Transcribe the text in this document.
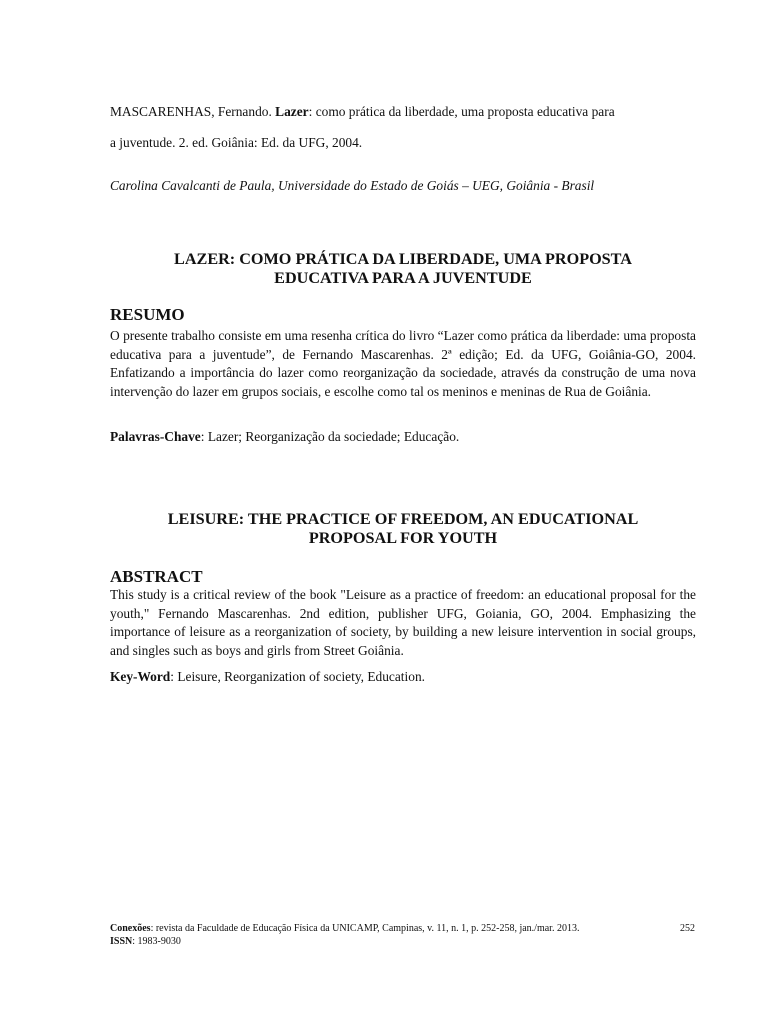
MASCARENHAS, Fernando. Lazer: como prática da liberdade, uma proposta educativa para
a juventude. 2. ed. Goiânia: Ed. da UFG, 2004.
Carolina Cavalcanti de Paula, Universidade do Estado de Goiás – UEG, Goiânia - Brasil
LAZER: COMO PRÁTICA DA LIBERDADE, UMA PROPOSTA
EDUCATIVA PARA A JUVENTUDE
RESUMO

O presente trabalho consiste em uma resenha crítica do livro “Lazer como prática da liberdade: uma proposta educativa para a juventude”, de Fernando Mascarenhas. 2ª edição; Ed. da UFG, Goiânia-GO, 2004. Enfatizando a importância do lazer como reorganização da sociedade, através da construção de uma nova intervenção do lazer em grupos sociais, e escolhe como tal os meninos e meninas de Rua de Goiânia.

Palavras-Chave: Lazer; Reorganização da sociedade; Educação.

LEISURE: THE PRACTICE OF FREEDOM, AN EDUCATIONAL
PROPOSAL FOR YOUTH
ABSTRACT

This study is a critical review of the book "Leisure as a practice of freedom: an educational proposal for the youth," Fernando Mascarenhas. 2nd edition, publisher UFG, Goiania, GO, 2004. Emphasizing the importance of leisure as a reorganization of society, by building a new leisure intervention in social groups, and singles such as boys and girls from Street Goiânia.

Key-Word: Leisure, Reorganization of society, Education.

Conexões: revista da Faculdade de Educação Física da UNICAMP, Campinas, v. 11, n. 1, p. 252-258, jan./mar. 2013.
ISSN: 1983-9030
252
